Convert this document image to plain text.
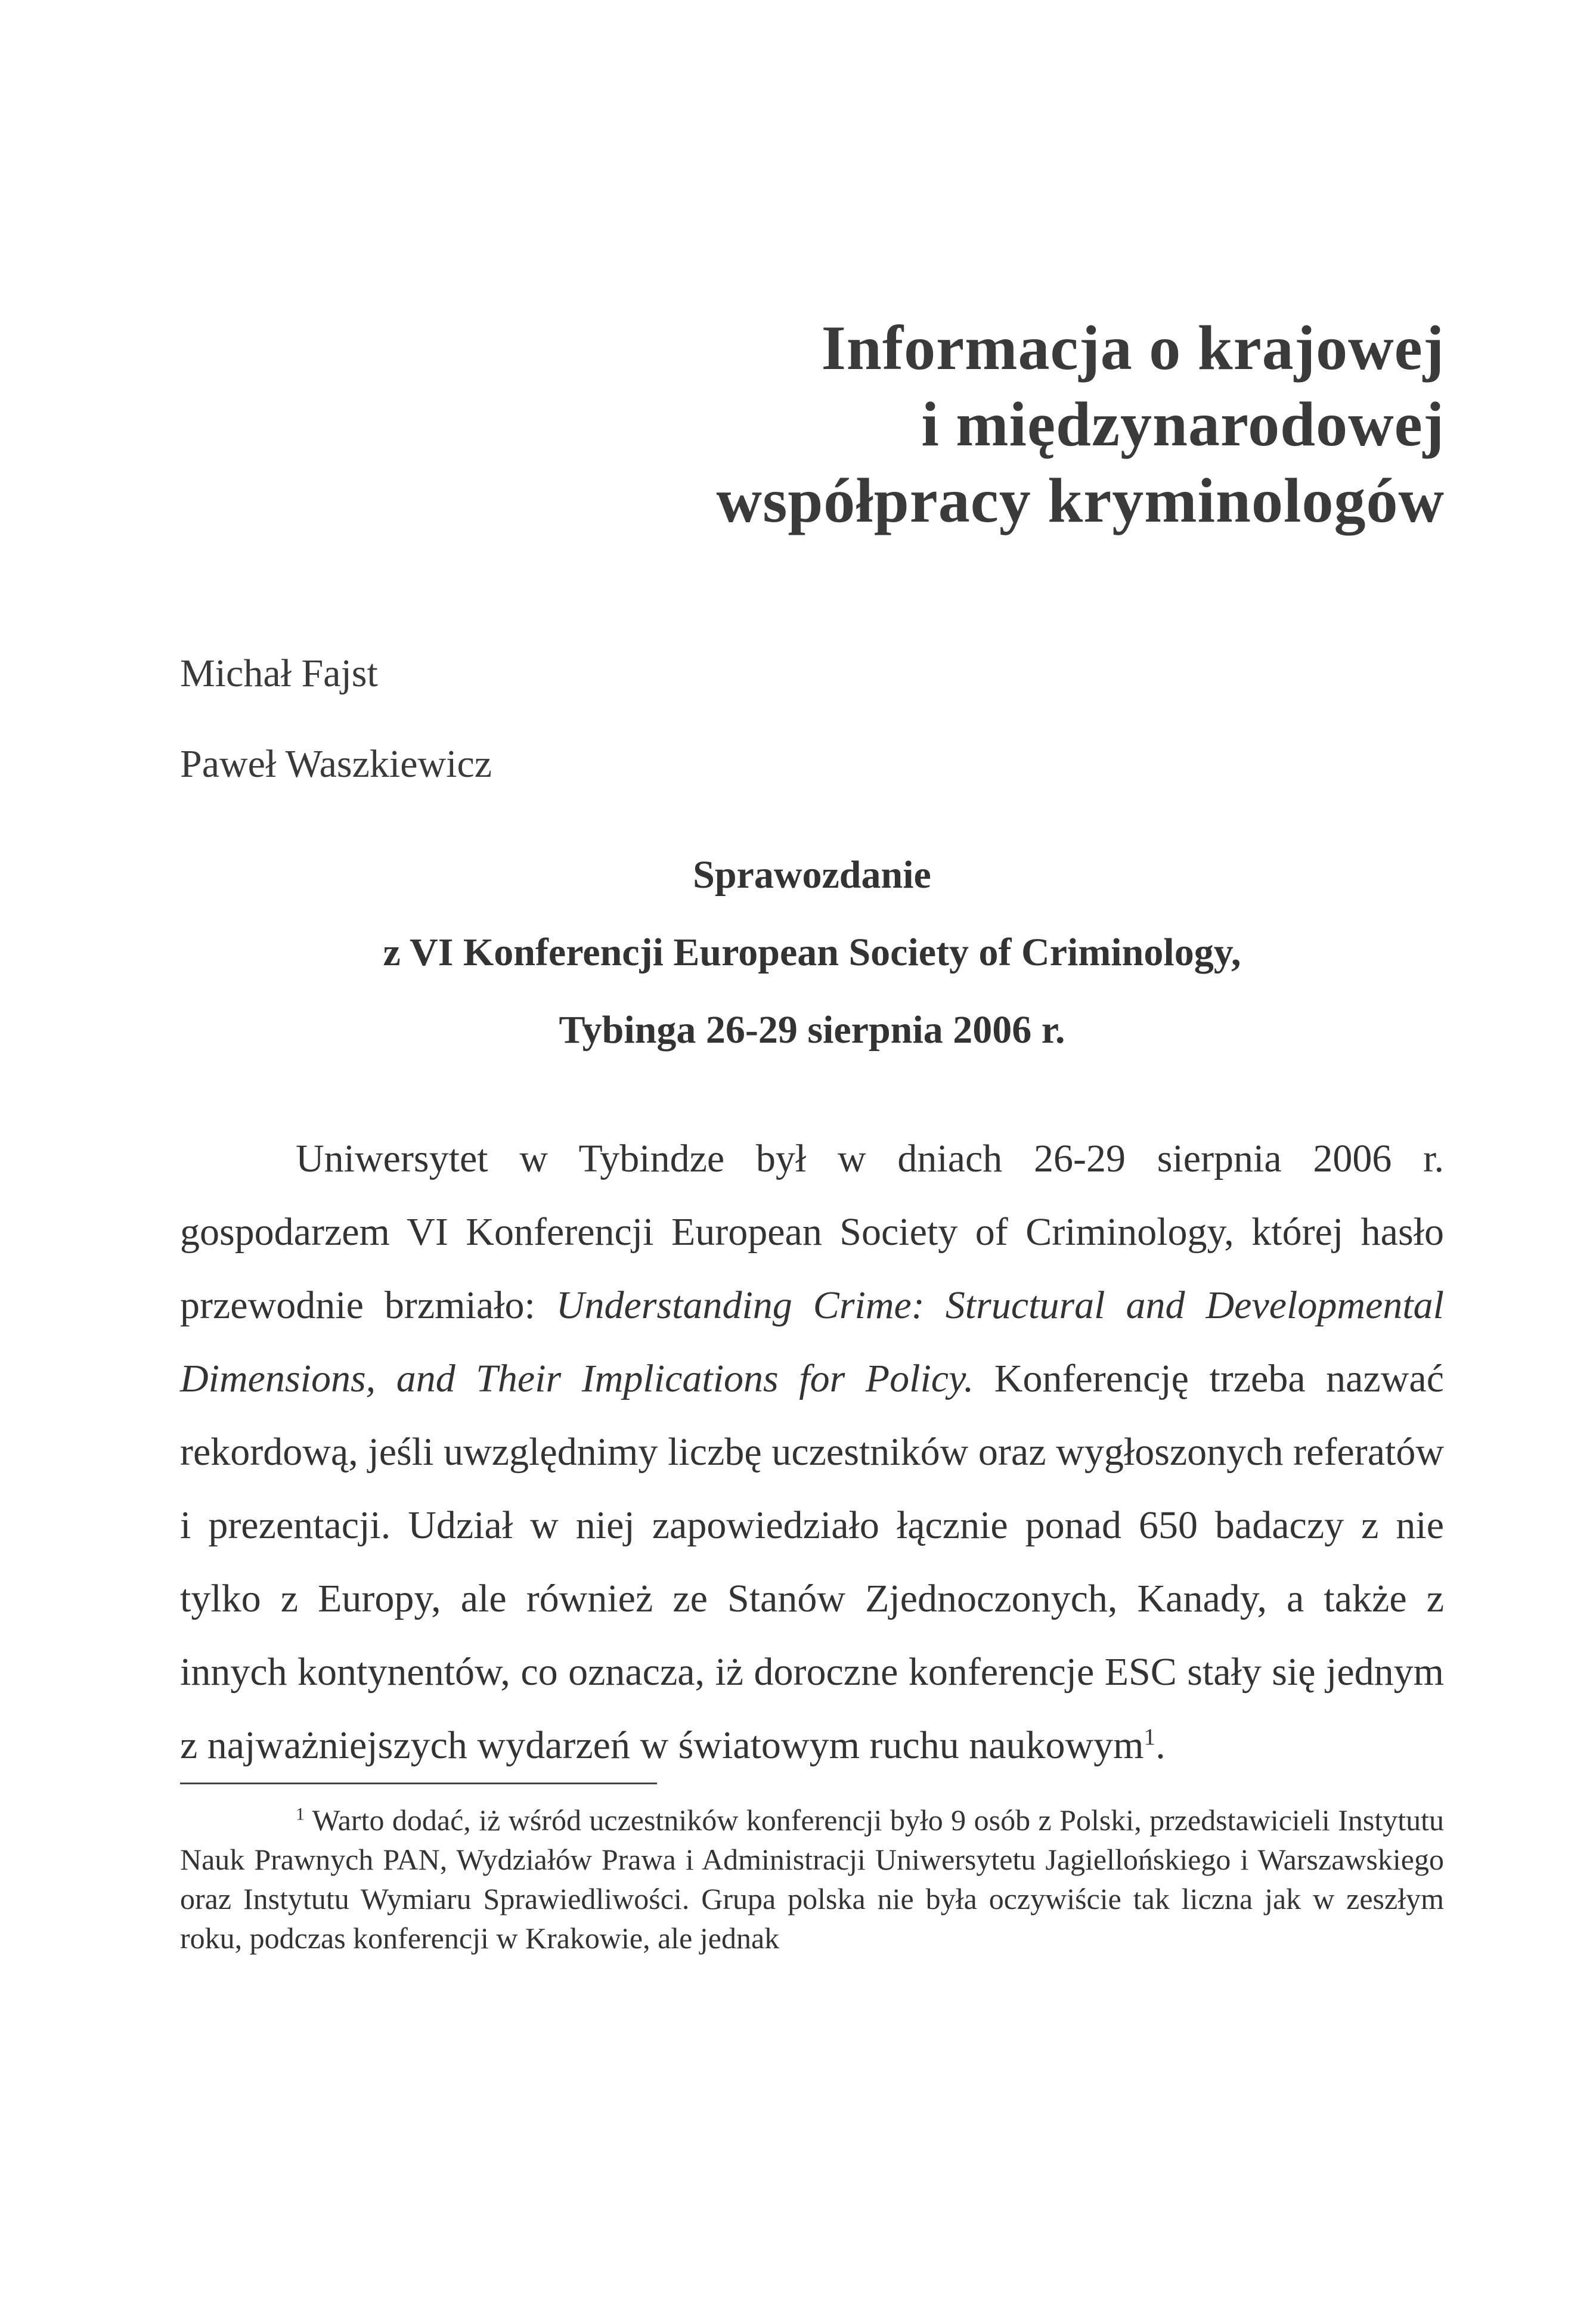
Informacja o krajowej
i międzynarodowej
współpracy kryminologów
Michał Fajst
Paweł Waszkiewicz
Sprawozdanie
z VI Konferencji European Society of Criminology,
Tybinga 26-29 sierpnia 2006 r.

Uniwersytet w Tybindze był w dniach 26-29 sierpnia 2006 r. gospodarzem VI Konferencji European Society of Criminology, której hasło przewodnie brzmiało: Understanding Crime: Structural and Developmental Dimensions, and Their Implications for Policy. Konferencję trzeba nazwać rekordową, jeśli uwzględnimy liczbę uczestników oraz wygłoszonych referatów i prezentacji. Udział w niej zapowiedziało łącznie ponad 650 badaczy z nie tylko z Europy, ale również ze Stanów Zjednoczonych, Kanady, a także z innych kontynentów, co oznacza, iż doroczne konferencje ESC stały się jednym z najważniejszych wydarzeń w światowym ruchu naukowym$^1$.

$^1$ Warto dodać, iż wśród uczestników konferencji było 9 osób z Polski, przedstawicieli Instytutu Nauk Prawnych PAN, Wydziałów Prawa i Administracji Uniwersytetu Jagiellońskiego i Warszawskiego oraz Instytutu Wymiaru Sprawiedliwości. Grupa polska nie była oczywiście tak liczna jak w zeszłym roku, podczas konferencji w Krakowie, ale jednak
